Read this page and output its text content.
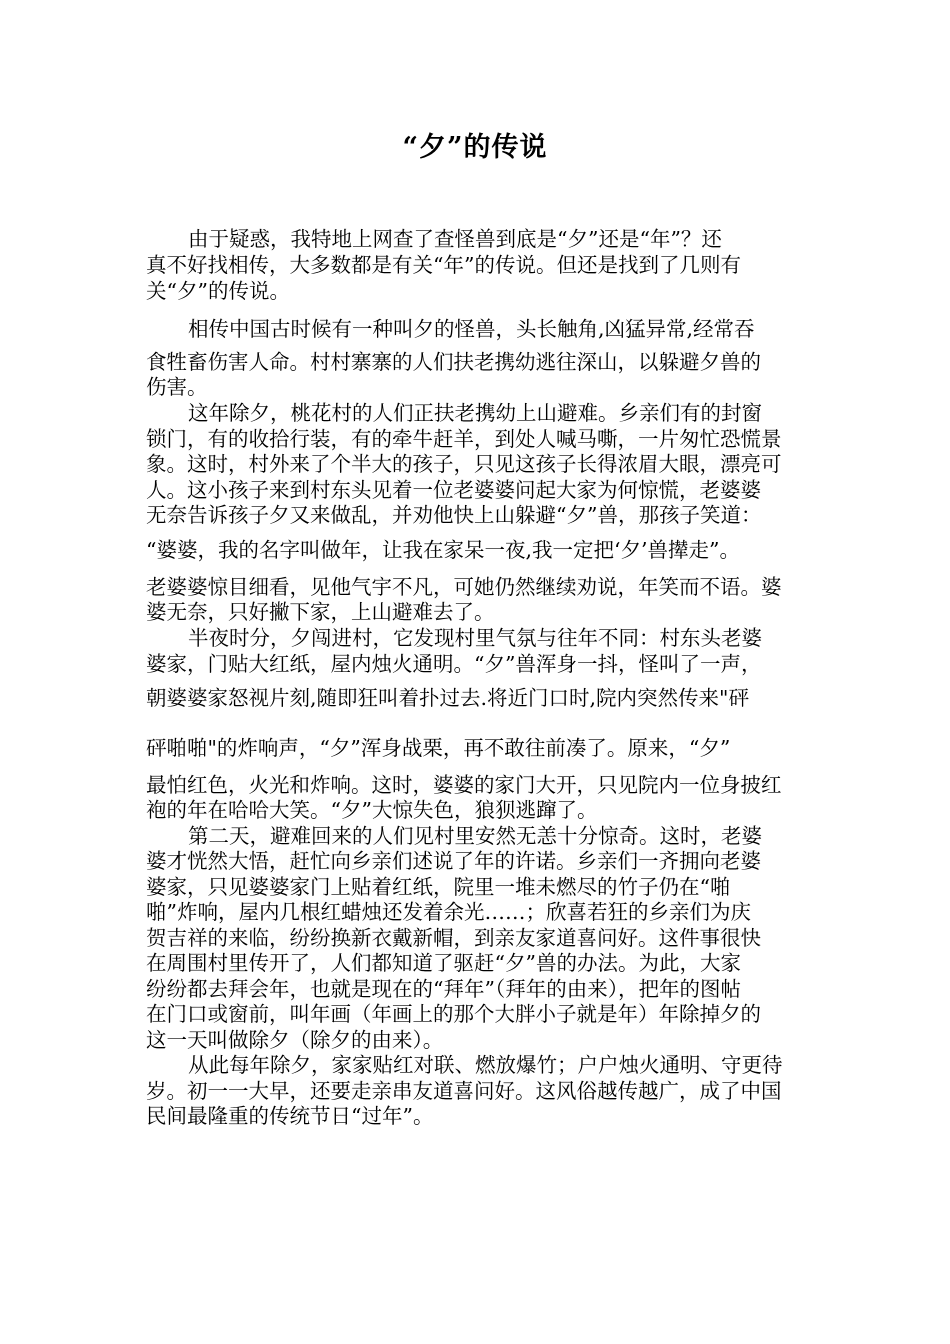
“夕”的传说
由于疑惑，我特地上网查了查怪兽到底是“夕”还是“年”？还
真不好找相传，大多数都是有关“年”的传说。但还是找到了几则有
关“夕”的传说。
相传中国古时候有一种叫夕的怪兽，头长触角,凶猛异常,经常吞
食牲畜伤害人命。村村寨寨的人们扶老携幼逃往深山，以躲避夕兽的
伤害。
这年除夕，桃花村的人们正扶老携幼上山避难。乡亲们有的封窗
锁门，有的收拾行装，有的牵牛赶羊，到处人喊马嘶，一片匆忙恐慌景
象。这时，村外来了个半大的孩子，只见这孩子长得浓眉大眼，漂亮可
人。这小孩子来到村东头见着一位老婆婆问起大家为何惊慌，老婆婆
无奈告诉孩子夕又来做乱，并劝他快上山躲避“夕”兽，那孩子笑道：
“婆婆，我的名字叫做年，让我在家呆一夜,我一定把‘夕’兽撵走”。
老婆婆惊目细看，见他气宇不凡，可她仍然继续劝说，年笑而不语。婆
婆无奈，只好撇下家，上山避难去了。
半夜时分，夕闯进村，它发现村里气氛与往年不同：村东头老婆
婆家，门贴大红纸，屋内烛火通明。“夕”兽浑身一抖，怪叫了一声，
朝婆婆家怒视片刻,随即狂叫着扑过去.将近门口时,院内突然传来"砰
砰啪啪"的炸响声，“夕”浑身战栗，再不敢往前凑了。原来，“夕”
最怕红色，火光和炸响。这时，婆婆的家门大开，只见院内一位身披红
袍的年在哈哈大笑。“夕”大惊失色，狼狈逃蹿了。
第二天，避难回来的人们见村里安然无恙十分惊奇。这时，老婆
婆才恍然大悟，赶忙向乡亲们述说了年的许诺。乡亲们一齐拥向老婆
婆家，只见婆婆家门上贴着红纸，院里一堆未燃尽的竹子仍在“啪
啪”炸响，屋内几根红蜡烛还发着余光……；欣喜若狂的乡亲们为庆
贺吉祥的来临，纷纷换新衣戴新帽，到亲友家道喜问好。这件事很快
在周围村里传开了，人们都知道了驱赶“夕”兽的办法。为此，大家
纷纷都去拜会年，也就是现在的“拜年”（拜年的由来），把年的图帖
在门口或窗前，叫年画（年画上的那个大胖小子就是年）年除掉夕的
这一天叫做除夕（除夕的由来）。
从此每年除夕，家家贴红对联、燃放爆竹；户户烛火通明、守更待
岁。初一一大早，还要走亲串友道喜问好。这风俗越传越广，成了中国
民间最隆重的传统节日“过年”。
